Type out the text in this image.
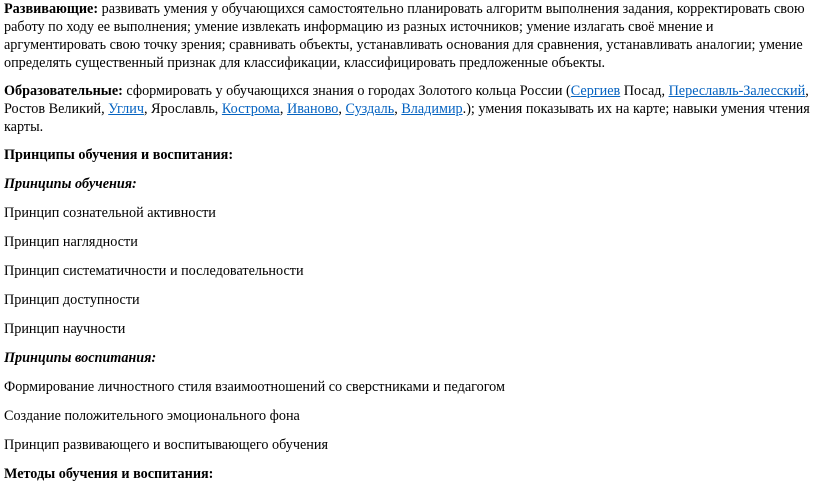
Развивающие: развивать умения у обучающихся самостоятельно планировать алгоритм выполнения задания, корректировать свою работу по ходу ее выполнения; умение извлекать информацию из разных источников; умение излагать своё мнение и аргументировать свою точку зрения; сравнивать объекты, устанавливать основания для сравнения, устанавливать аналогии; умение определять существенный признак для классификации, классифицировать предложенные объекты.

Образовательные: сформировать у обучающихся знания о городах Золотого кольца России (Сергиев Посад, Переславль-Залесский, Ростов Великий, Углич, Ярославль, Кострома, Иваново, Суздаль, Владимир.); умения показывать их на карте; навыки умения чтения карты.

Принципы обучения и воспитания:

Принципы обучения:

Принцип сознательной активности

Принцип наглядности

Принцип систематичности и последовательности

Принцип доступности

Принцип научности

Принципы воспитания:

Формирование личностного стиля взаимоотношений со сверстниками и педагогом

Создание положительного эмоционального фона

Принцип развивающего и воспитывающего обучения

Методы обучения и воспитания:
